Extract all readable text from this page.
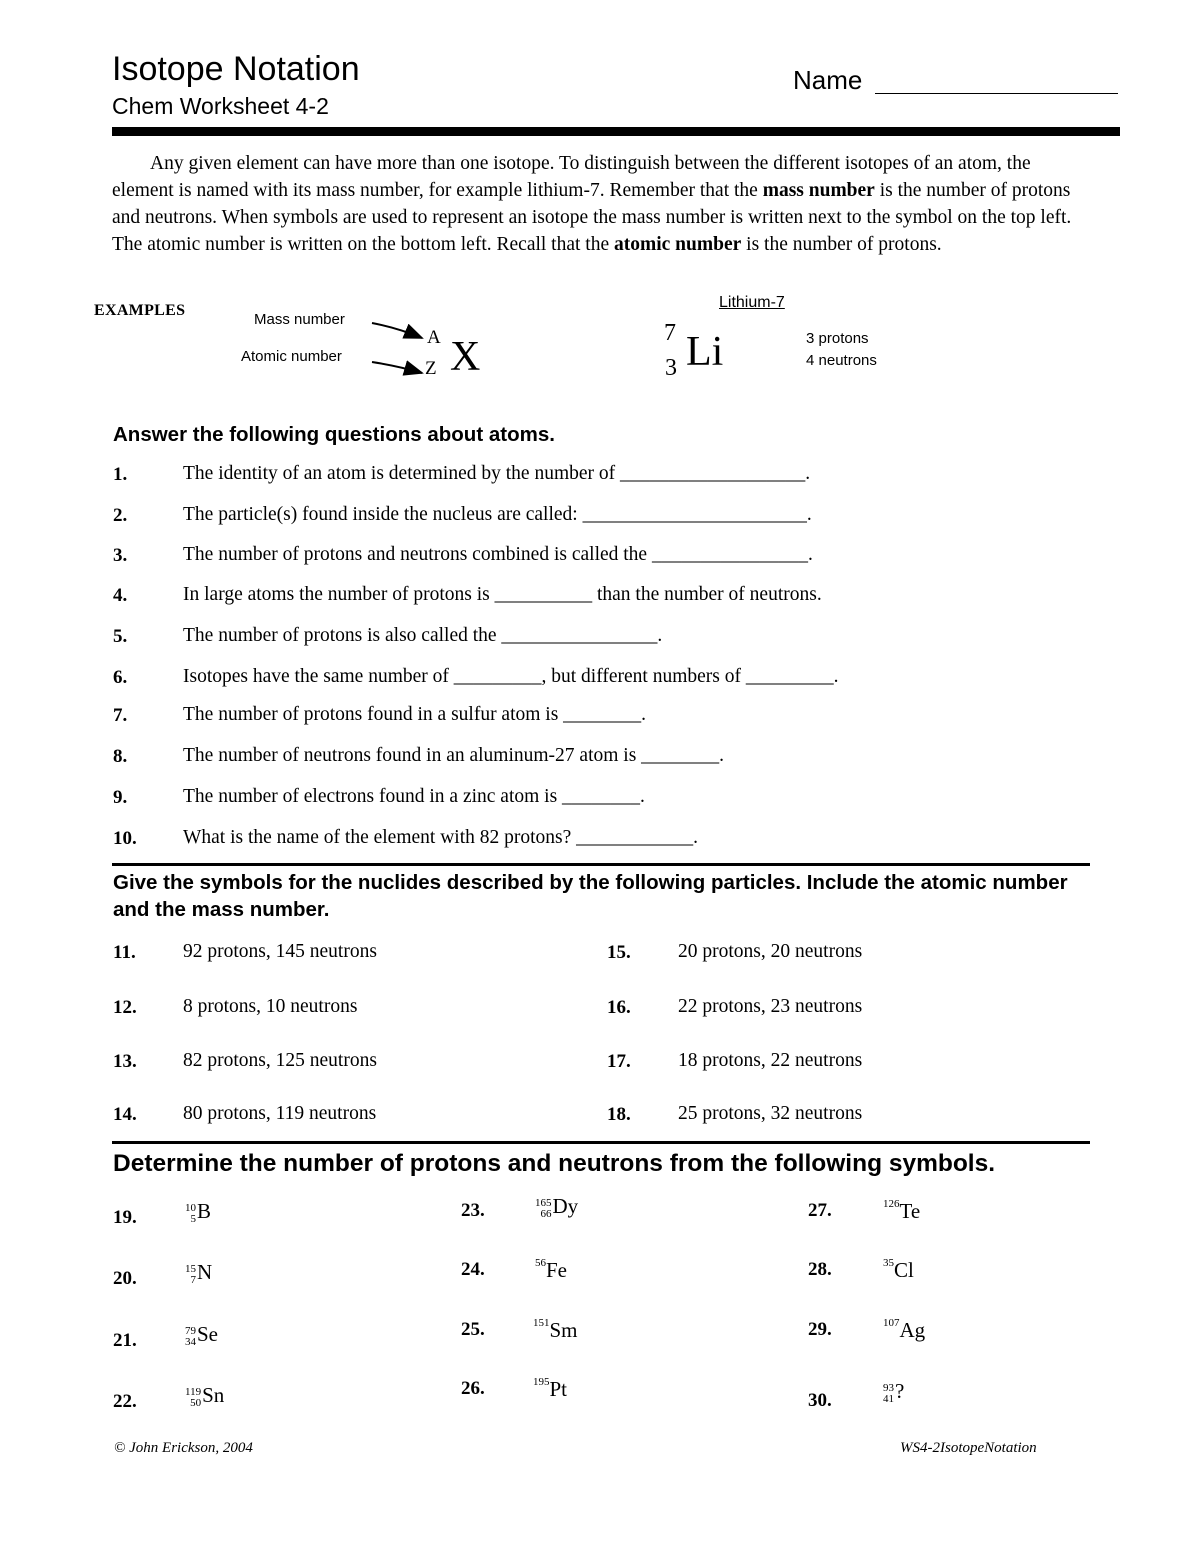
Isotope Notation
Chem Worksheet 4-2
Name
Any given element can have more than one isotope. To distinguish between the different isotopes of an atom, the element is named with its mass number, for example lithium-7. Remember that the mass number is the number of protons and neutrons. When symbols are used to represent an isotope the mass number is written next to the symbol on the top left. The atomic number is written on the bottom left. Recall that the atomic number is the number of protons.
EXAMPLES
Mass number
Atomic number
A
Z X
Lithium-7
7
3 Li	3 protons
4 neutrons
Answer the following questions about atoms.
1.	The identity of an atom is determined by the number of ___________________.
2.	The particle(s) found inside the nucleus are called: _______________________.
3.	The number of protons and neutrons combined is called the ________________.
4.	In large atoms the number of protons is __________ than the number of neutrons.
5.	The number of protons is also called the ________________.
6.	Isotopes have the same number of _________, but different numbers of _________.
7.	The number of protons found in a sulfur atom is ________.
8.	The number of neutrons found in an aluminum-27 atom is ________.
9.	The number of electrons found in a zinc atom is ________.
10. What is the name of the element with 82 protons? ____________.
Give the symbols for the nuclides described by the following particles. Include the atomic number and the mass number.
11. 92 protons, 145 neutrons
12. 8 protons, 10 neutrons
13. 82 protons, 125 neutrons
14. 80 protons, 119 neutrons
15. 20 protons, 20 neutrons
16. 22 protons, 23 neutrons
17. 18 protons, 22 neutrons
18. 25 protons, 32 neutrons
Determine the number of protons and neutrons from the following symbols.
19.	10
5B
20.	15
7N
21.	79
34Se
22.	119
50Sn
23.	165
66Dy
24.	$^{56}$Fe
25.	$^{151}$Sm
26.	$^{195}$Pt
27.	$^{126}$Te
28.	$^{35}$Cl
29.	$^{107}$Ag
30.
93
41?
© John Erickson, 2004	WS4-2IsotopeNotation
